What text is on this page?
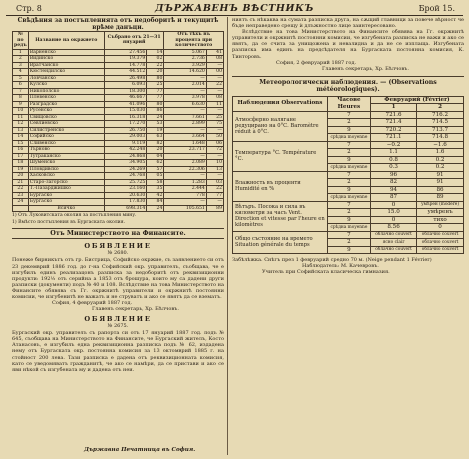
Стр. 8	ДЪРЖАВЕНЪ ВѢСТНИКЪ	Брой 15.

Свѣдѣния за постъпленията отъ недоборитѣ и текущитѣ врѣме данъци.

№ по редъ	Название на окржието	Събрано отъ 21—31 януарий		Отъ тѣхъ въ процента при количеството	
1	Варненско	27.456	14	5.067	41
2	Видинско	19.379	02	2.736	08
3	Вратчанско	14.778	22	3.929	—
4	Кюстендилско	44.512	20	14.620	00
5	Ловчанско	26.498	80	—	—
6	Кулско	6.093	25	2.014	22
7	Никополско	18.300	77	—	—
8	Плевенско	46.667	77	3.978	08
9	Разградско	41.096	80	6.630	11
10	Русенско	15.030	86	—	—
11	Свищовско	16.318	24	7.661	25
12	Севлиевско	17.270	53	2.899	75
13	Силистренско	26.750	19	—	—
14	Софийско	29.003	63	3.664	50
15	Сливенско	9.119	82	1.648	06
16	Търново	42.248	20	23.717	72
17	Тутраканско	24.868	04	—	—
18	Шуменско	34.905	62	2.089	10
19	Пловдивско	24.269	57	22.306	13
20	Хасковско	24.768	05	—	—
21	Старо-Загорско	25.725	58	1.283	03
22	Т.-Пазарджишко	23.160	35	2.444	22
23	Бургаско	20.630	42	778	77
24	Бургаско	17.830	84	—	—
	Всичко	698.314	24	105.651	89

1) Отъ Луковитската околия за постъпления мину.

1) Вмѣсто постъпления въ Бургаската околия.

Отъ Министерството на Финансите.
ОБЯВЛЕНИЕ
№ 2680.

Понеже бирникътъ отъ гр. Бистрица, Софийско окржие, съ заявлението си отъ 23 декемврий 1886 год. до г-на Софийский окр. управителъ, съобщава, че е изгубилъ единъ реализацонъ разписка за недоборитѣ отъ реквизиционни продукти: 192⅟₂ отъ серийна а 1853 отъ брошура, които му са дадени други разписки (документи) подъ № 40 и 108. Вслѣдствие на това Министерството на Финансите обявява съ Гг. окржнитѣ управители и окржнитѣ постоянни комисии, че изгубенитѣ не важатъ и не струватъ и ако се явятъ да се взематъ.

София, 4 февруарий 1887 год.

Главенъ секретарь, Хр. Бѣлчовъ.

ОБЯВЛЕНИЕ
№ 2675.

Бургаский окр. управителъ съ рапорта си отъ 17 януарий 1887 год. подъ № 645, съобщава на Министерството на Финансите, че Бургаский жителъ, Косто Атанасовъ, е изгубилъ една реквизиционна разписка подъ № 62, издадена нему отъ Бургаската окр. постоянна комисия за 13 октомврий 1885 г. на стойност 200 лева. Тази разписка е дадена отъ реквизиционната комисия, като се уведомяватъ гражданитѣ, че ако се намѣри, да се пристави и ако се яви нѣкой съ изгубената му и дадена отъ неи.

ниятъ съ нѣкаква на сумата разписка друга, на сѫщий главници за повече вѣрност че бъде неправедено срещу ѝ длъжностно лице заинтересовано.

Вслѣдствие на това Министерството на Финансите обявява на Гг. окржнитѣ управители и окржнитѣ постоянни комисии, че изгубената разписка не важи и ако се явятъ, да се счита за унищожена и невалидна и да не се изплаща. Изгубената разписка има единъ на предсѣдателя на Бургаската постоянна комисия, К. Тинторовъ.

София, 2 февруарий 1887 год.

Главенъ секретарь, Хр. Бѣлчовъ.

Метеорологически наблюдения. — (Observations météorologiques).

Наблюдения Observations	Часове Heures	Февруарий (Février)	
		1	2
Атмосферно налягане редуцирано на 0°С. Baromètre réduit à 0°С.	7	721.6	716.2
	2	721.4	714.5
	9	720.2	713.7
	срѣдна moyenne	721.1	714.8
Температура °С. Température °С.	7	−0.2	−1.6
	2	1.1	1.6
	9	0.8	0.2
	срѣдна moyenne	0.3	0.2
Влажность въ проценти Humidité en %	7	96	91
	2	82	91
	9	94	86
	срѣдна moyenne	87	89
Вѣтъръ. Посока и сила въ километри за часъ Vent. Direction et vitesse par l'heure en kilomètres	7	0	умѣрен (modéré)
	2	15.0	умѣренъ
	9	0	тихо
	срѣдна moyenne	8.56	0
Общо състояние на времето Situation générale du temps	7	облачно couvert	облачно couvert
	2	ясно clair	облачно couvert
	9	облачно couvert	облачно couvert

Забѣлѣжка. Снѣгъ през 1 февруарий средно 70 м. (Neige pendant 1 Février)

Наблюдатель: М. Качевровъ.

Учитель при Софийската класическа гимназия.

Държавна Печатница въ София.
